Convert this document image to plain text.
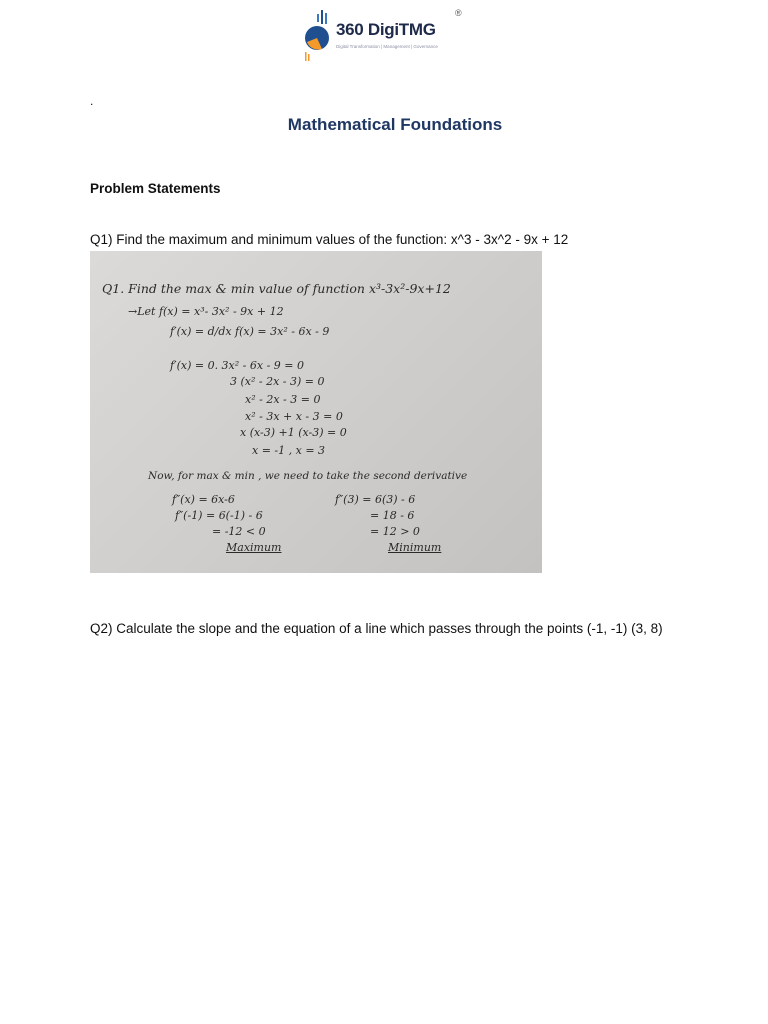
360 DigiTMG
Digital Transformation | Management | Governance
®
.
Mathematical Foundations
Problem Statements
Q1) Find the maximum and minimum values of the function: x^3 - 3x^2 - 9x + 12
Q1. Find the max & min value of function x³-3x²-9x+12
→Let f(x) = x³- 3x² - 9x + 12
f′(x) = d/dx f(x) = 3x² - 6x - 9
f′(x) = 0. 3x² - 6x - 9 = 0
3 (x² - 2x - 3) = 0
x² - 2x - 3 = 0
x² - 3x + x - 3 = 0
x (x-3) +1 (x-3) = 0
x = -1 , x = 3
Now, for max & min , we need to take the second derivative
f″(x) = 6x-6
f″(-1) = 6(-1) - 6
= -12 < 0
Maximum
f″(3) = 6(3) - 6
= 18 - 6
= 12 > 0
Minimum
Q2) Calculate the slope and the equation of a line which passes through the points (-1, -1) (3, 8)
